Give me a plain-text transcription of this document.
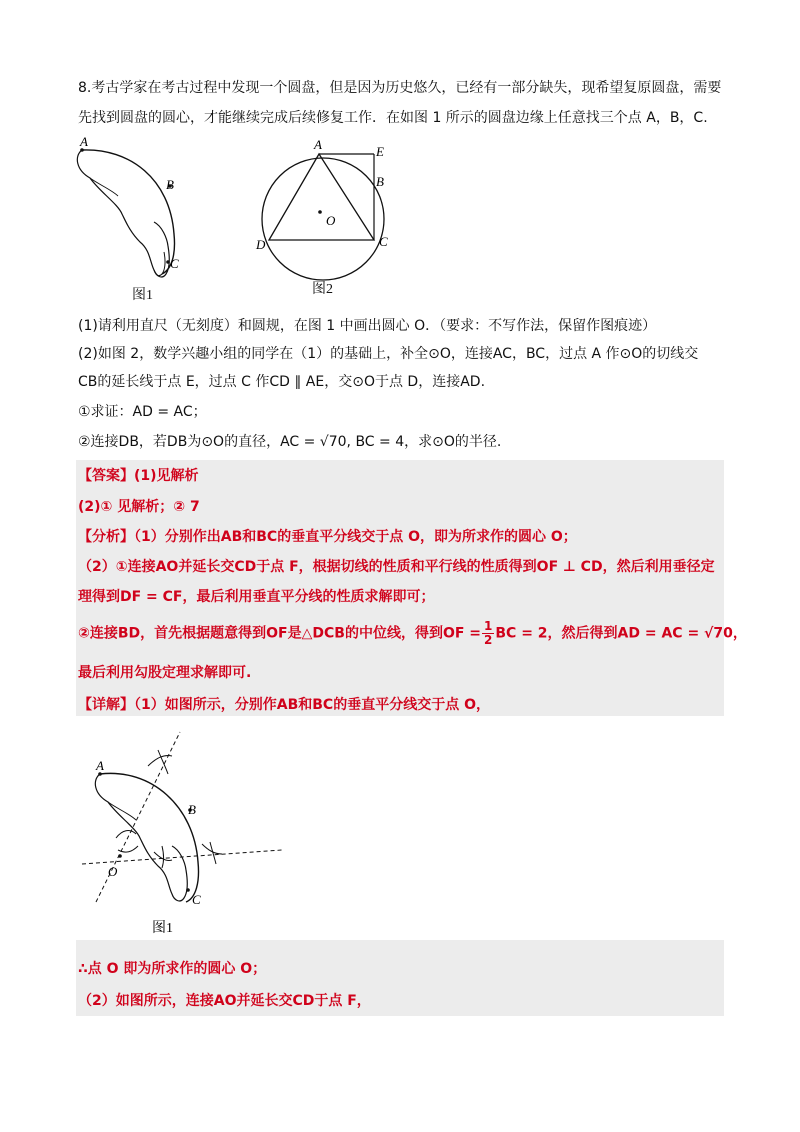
8.考古学家在考古过程中发现一个圆盘，但是因为历史悠久，已经有一部分缺失，现希望复原圆盘，需要
先找到圆盘的圆心，才能继续完成后续修复工作．在如图 1 所示的圆盘边缘上任意找三个点 A，B，C.
A
B
C
图1
A	E
B
C
D
O
图2
(1)请利用直尺（无刻度）和圆规，在图 1 中画出圆心 O．（要求：不写作法，保留作图痕迹）
(2)如图 2，数学兴趣小组的同学在（1）的基础上，补全⊙O，连接AC，BC，过点 A 作⊙O的切线交
CB的延长线于点 E，过点 C 作CD ∥ AE，交⊙O于点 D，连接AD.
①求证：AD = AC；
②连接DB，若DB为⊙O的直径，AC = √70, BC = 4，求⊙O的半径.
【答案】(1)见解析
(2)① 见解析；② 7
【分析】（1）分别作出AB和BC的垂直平分线交于点 O，即为所求作的圆心 O；
（2）①连接AO并延长交CD于点 F，根据切线的性质和平行线的性质得到OF ⊥ CD，然后利用垂径定
理得到DF = CF，最后利用垂直平分线的性质求解即可；
②连接BD，首先根据题意得到OF是△DCB的中位线，得到OF = $\frac{1}{2}$ BC = 2，然后得到AD = AC = √70，
最后利用勾股定理求解即可.
【详解】（1）如图所示，分别作AB和BC的垂直平分线交于点 O，
A
B
C
O
图1
∴点 O 即为所求作的圆心 O；
（2）如图所示，连接AO并延长交CD于点 F，
